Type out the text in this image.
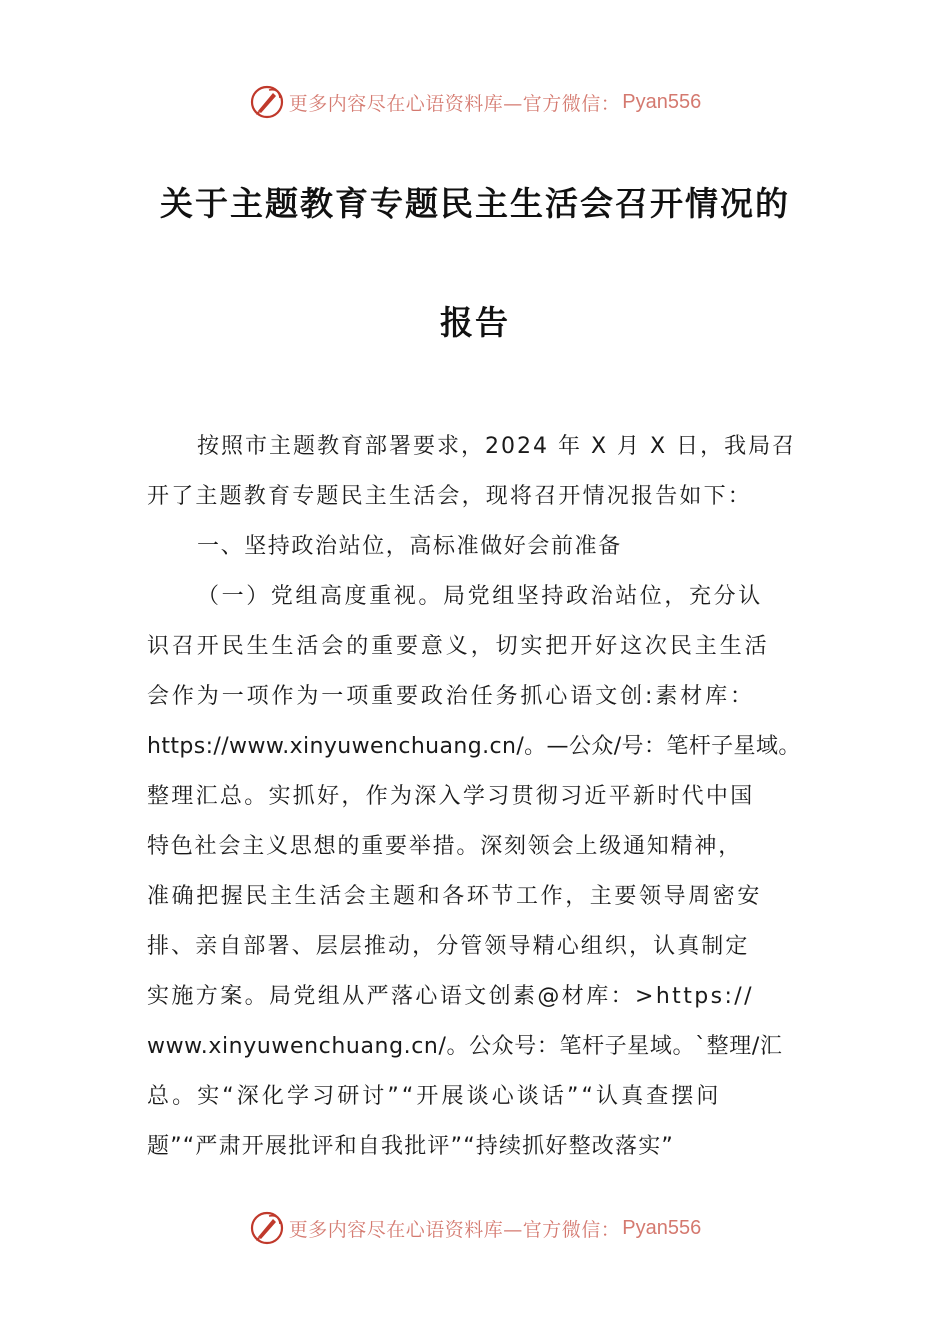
更多内容尽在心语资料库—官方微信： Pyan556
关于主题教育专题民主生活会召开情况的
报告
按照市主题教育部署要求，2024 年 X 月 X 日，我局召
开了主题教育专题民主生活会，现将召开情况报告如下：
一、坚持政治站位，高标准做好会前准备
（一）党组高度重视。局党组坚持政治站位，充分认
识召开民生生活会的重要意义，切实把开好这次民主生活
会作为一项作为一项重要政治任务抓心语文创:素材库：
https://www.xinyuwenchuang.cn/。—公众/号：笔杆子星域。
整理汇总。实抓好，作为深入学习贯彻习近平新时代中国
特色社会主义思想的重要举措。深刻领会上级通知精神，
准确把握民主生活会主题和各环节工作，主要领导周密安
排、亲自部署、层层推动，分管领导精心组织，认真制定
实施方案。局党组从严落心语文创素@材库：>https://
www.xinyuwenchuang.cn/。公众号：笔杆子星域。`整理/汇
总。实“深化学习研讨”“开展谈心谈话”“认真查摆问
题”“严肃开展批评和自我批评”“持续抓好整改落实”
更多内容尽在心语资料库—官方微信： Pyan556
